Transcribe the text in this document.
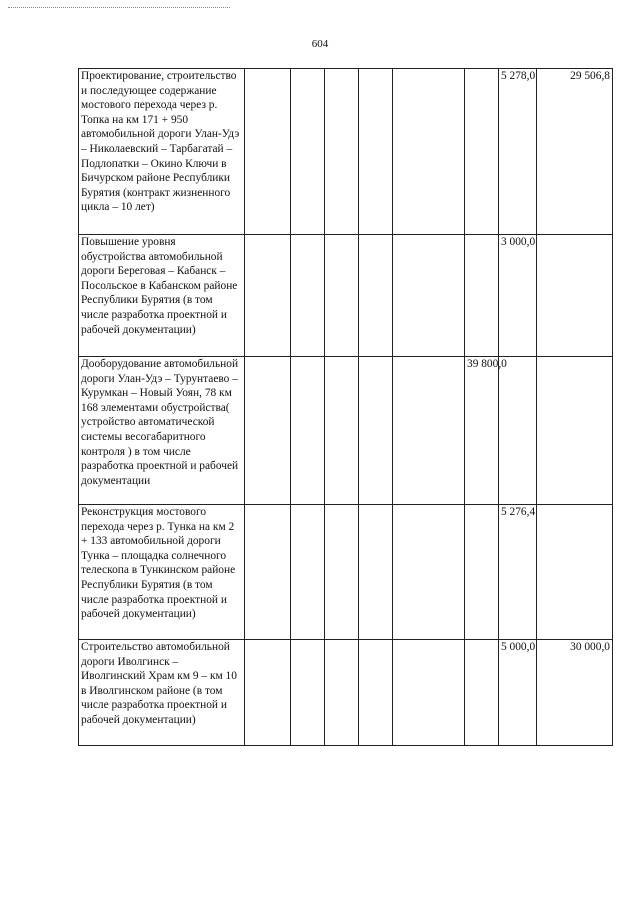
604
Проектирование, строительство и последующее содержание мостового перехода через р. Топка на км 171 + 950 автомобильной дороги Улан-Удэ – Николаевский – Тарбагатай – Подлопатки – Окино Ключи в Бичурском районе Республики Бурятия (контракт жизненного цикла – 10 лет)							5 278,0	29 506,8
Повышение уровня обустройства автомобильной дороги Береговая – Кабанск – Посольское в Кабанском районе Республики Бурятия (в том числе разработка проектной и рабочей документации)							3 000,0	
Дооборудование автомобильной дороги Улан-Удэ – Турунтаево – Курумкан – Новый Уоян, 78 км 168 элементами обустройства( устройство автоматической системы весогабаритного контроля ) в том числе разработка проектной и рабочей документации						39 800,0		
Реконструкция мостового перехода через р. Тунка на км 2 + 133 автомобильной дороги Тунка – площадка солнечного телескопа в Тункинском районе Республики Бурятия (в том числе разработка проектной и рабочей документации)							5 276,4	
Строительство автомобильной дороги Иволгинск – Иволгинский Храм км 9 – км 10 в Иволгинском районе (в том числе разработка проектной и рабочей документации)							5 000,0	30 000,0
